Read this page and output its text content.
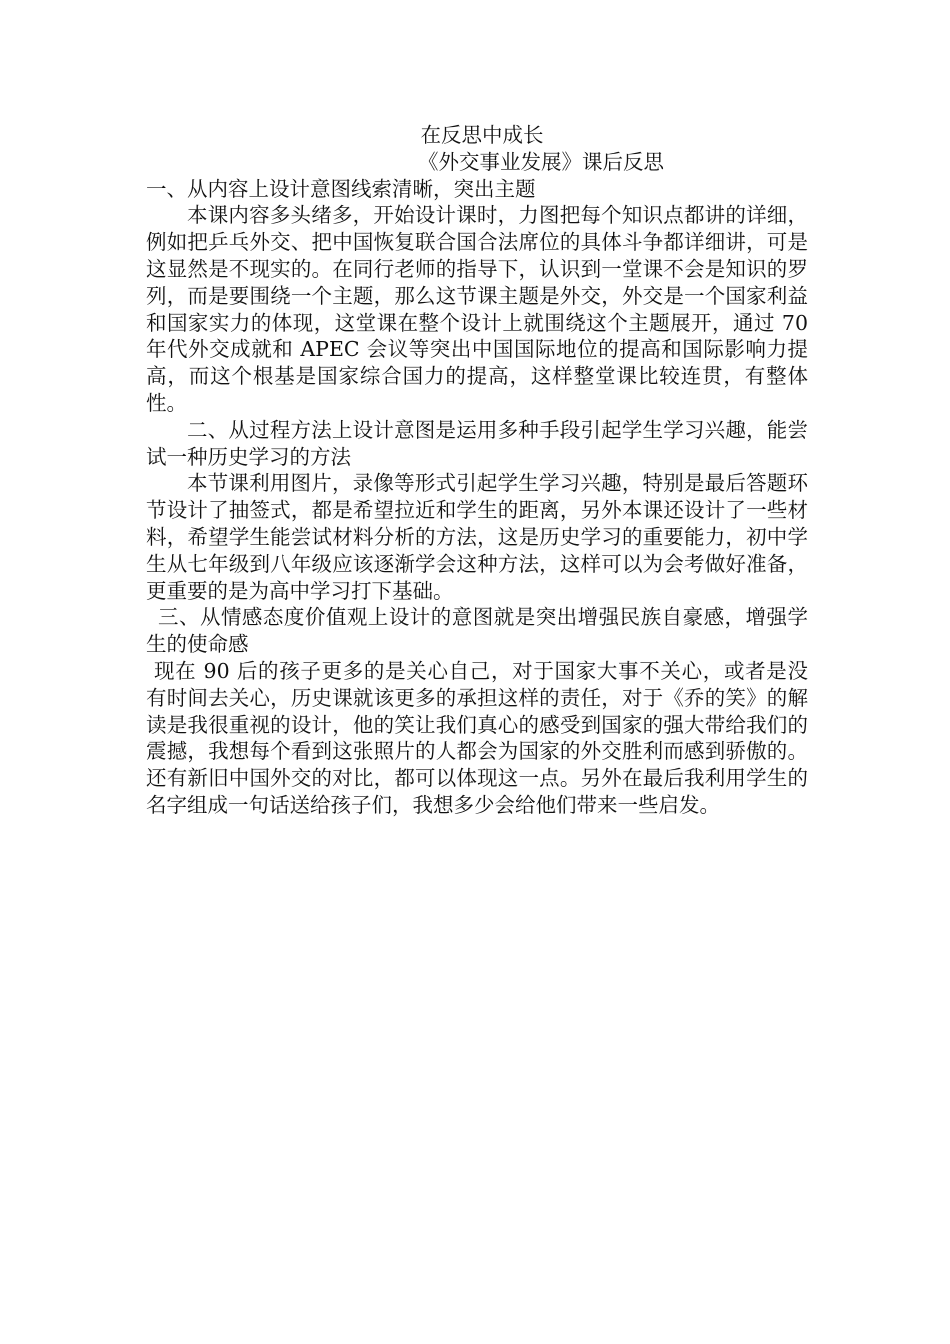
在反思中成长
《外交事业发展》课后反思

一、从内容上设计意图线索清晰，突出主题

本课内容多头绪多，开始设计课时，力图把每个知识点都讲的详细，例如把乒乓外交、把中国恢复联合国合法席位的具体斗争都详细讲，可是这显然是不现实的。在同行老师的指导下，认识到一堂课不会是知识的罗列，而是要围绕一个主题，那么这节课主题是外交，外交是一个国家利益和国家实力的体现，这堂课在整个设计上就围绕这个主题展开，通过 70 年代外交成就和 APEC 会议等突出中国国际地位的提高和国际影响力提高，而这个根基是国家综合国力的提高，这样整堂课比较连贯，有整体性。

二、从过程方法上设计意图是运用多种手段引起学生学习兴趣，能尝试一种历史学习的方法

本节课利用图片，录像等形式引起学生学习兴趣，特别是最后答题环节设计了抽签式，都是希望拉近和学生的距离，另外本课还设计了一些材料，希望学生能尝试材料分析的方法，这是历史学习的重要能力，初中学生从七年级到八年级应该逐渐学会这种方法，这样可以为会考做好准备，更重要的是为高中学习打下基础。

三、从情感态度价值观上设计的意图就是突出增强民族自豪感，增强学生的使命感

现在 90 后的孩子更多的是关心自己，对于国家大事不关心，或者是没有时间去关心，历史课就该更多的承担这样的责任，对于《乔的笑》的解读是我很重视的设计，他的笑让我们真心的感受到国家的强大带给我们的震撼，我想每个看到这张照片的人都会为国家的外交胜利而感到骄傲的。还有新旧中国外交的对比，都可以体现这一点。另外在最后我利用学生的名字组成一句话送给孩子们，我想多少会给他们带来一些启发。
